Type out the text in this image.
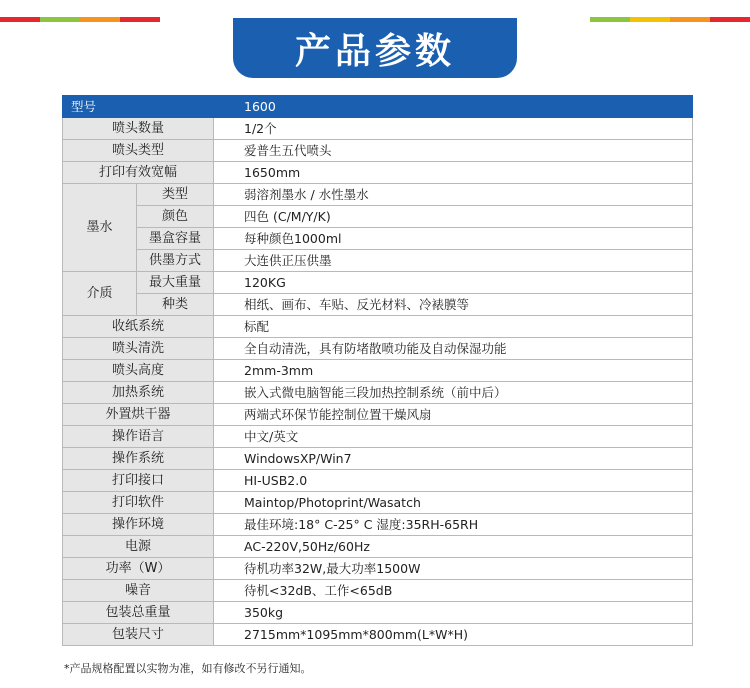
产品参数
型号		1600
喷头数量		1/2个
喷头类型		爱普生五代喷头
打印有效宽幅		1650mm
墨水	类型	弱溶剂墨水 / 水性墨水
	颜色	四色 (C/M/Y/K)
	墨盒容量	每种颜色1000ml
	供墨方式	大连供正压供墨
介质	最大重量	120KG
	种类	相纸、画布、车贴、反光材料、冷裱膜等
收纸系统		标配
喷头清洗		全自动清洗，具有防堵散喷功能及自动保湿功能
喷头高度		2mm-3mm
加热系统		嵌入式微电脑智能三段加热控制系统（前中后）
外置烘干器		两端式环保节能控制位置干燥风扇
操作语言		中文/英文
操作系统		WindowsXP/Win7
打印接口		HI-USB2.0
打印软件		Maintop/Photoprint/Wasatch
操作环境		最佳环境:18° C-25° C 湿度:35RH-65RH
电源		AC-220V,50Hz/60Hz
功率（W）		待机功率32W,最大功率1500W
噪音		待机<32dB、工作<65dB
包装总重量		350kg
包装尺寸		2715mm*1095mm*800mm(L*W*H)
*产品规格配置以实物为准，如有修改不另行通知。
